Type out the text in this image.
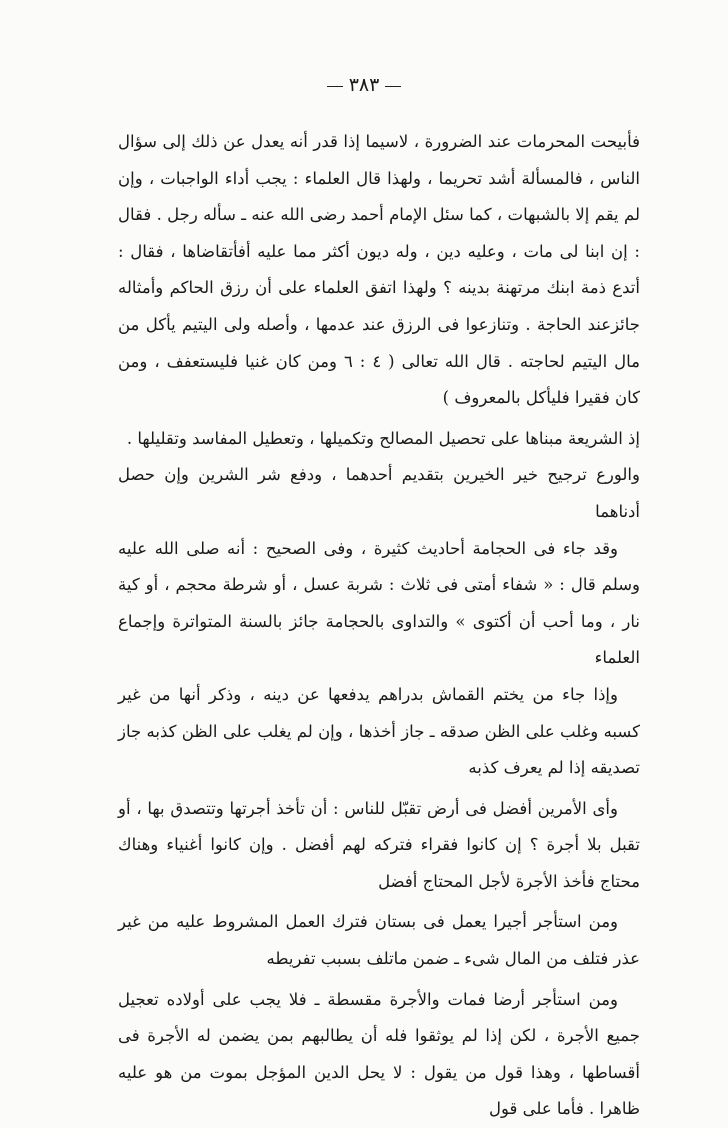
٣٨٣

فأبيحت المحرمات عند الضرورة ، لاسيما إذا قدر أنه يعدل عن ذلك إلى سؤال الناس ، فالمسألة أشد تحريما ، ولهذا قال العلماء : يجب أداء الواجبات ، وإن لم يقم إلا بالشبهات ، كما سئل الإمام أحمد رضى الله عنه ـ سأله رجل . فقال : إن ابنا لى مات ، وعليه دين ، وله ديون أكثر مما عليه أفأتقاضاها ، فقال : أتدع ذمة ابنك مرتهنة بدينه ؟ ولهذا اتفق العلماء على أن رزق الحاكم وأمثاله جائزعند الحاجة . وتنازعوا فى الرزق عند عدمها ، وأصله ولى اليتيم يأكل من مال اليتيم لحاجته . قال الله تعالى ( ٤ : ٦ ومن كان غنيا فليستعفف ، ومن كان فقيرا فليأكل بالمعروف )

إذ الشريعة مبناها على تحصيل المصالح وتكميلها ، وتعطيل المفاسد وتقليلها .

والورع ترجيح خير الخيرين بتقديم أحدهما ، ودفع شر الشرين وإن حصل أدناهما

وقد جاء فى الحجامة أحاديث كثيرة ، وفى الصحيح : أنه صلى الله عليه وسلم قال : « شفاء أمتى فى ثلاث : شربة عسل ، أو شرطة محجم ، أو كية نار ، وما أحب أن أكتوى » والتداوى بالحجامة جائز بالسنة المتواترة وإجماع العلماء

وإذا جاء من يختم القماش بدراهم يدفعها عن دينه ، وذكر أنها من غير كسبه وغلب على الظن صدقه ـ جاز أخذها ، وإن لم يغلب على الظن كذبه جاز تصديقه إذا لم يعرف كذبه

وأى الأمرين أفضل فى أرض تقبّل للناس : أن تأخذ أجرتها وتتصدق بها ، أو تقبل بلا أجرة ؟ إن كانوا فقراء فتركه لهم أفضل . وإن كانوا أغنياء وهناك محتاج فأخذ الأجرة لأجل المحتاج أفضل

ومن استأجر أجيرا يعمل فى بستان فترك العمل المشروط عليه من غير عذر فتلف من المال شىء ـ ضمن ماتلف بسبب تفريطه

ومن استأجر أرضا فمات والأجرة مقسطة ـ فلا يجب على أولاده تعجيل جميع الأجرة ، لكن إذا لم يوثقوا فله أن يطالبهم بمن يضمن له الأجرة فى أقساطها ، وهذا قول من يقول : لا يحل الدين المؤجل بموت من هو عليه ظاهرا . فأما على قول
